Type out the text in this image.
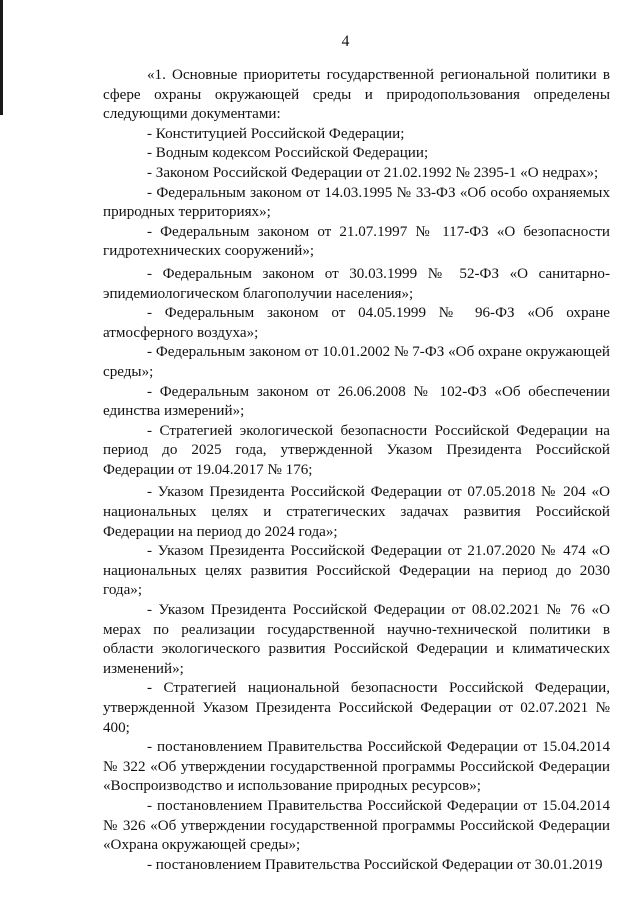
4

«1. Основные приоритеты государственной региональной политики в сфере охраны окружающей среды и природопользования определены следующими документами:

- Конституцией Российской Федерации;

- Водным кодексом Российской Федерации;

- Законом Российской Федерации от 21.02.1992 № 2395-1 «О недрах»;

- Федеральным законом от 14.03.1995 № 33-ФЗ «Об особо охраняемых природных территориях»;

- Федеральным законом от 21.07.1997 № 117-ФЗ «О безопасности гидротехнических сооружений»;

- Федеральным законом от 30.03.1999 № 52-ФЗ «О санитарно-эпидемиологическом благополучии населения»;

- Федеральным законом от 04.05.1999 № 96-ФЗ «Об охране атмосферного воздуха»;

- Федеральным законом от 10.01.2002 № 7-ФЗ «Об охране окружающей среды»;

- Федеральным законом от 26.06.2008 № 102-ФЗ «Об обеспечении единства измерений»;

- Стратегией экологической безопасности Российской Федерации на период до 2025 года, утвержденной Указом Президента Российской Федерации от 19.04.2017 № 176;

- Указом Президента Российской Федерации от 07.05.2018 № 204 «О национальных целях и стратегических задачах развития Российской Федерации на период до 2024 года»;

- Указом Президента Российской Федерации от 21.07.2020 № 474 «О национальных целях развития Российской Федерации на период до 2030 года»;

- Указом Президента Российской Федерации от 08.02.2021 № 76 «О мерах по реализации государственной научно-технической политики в области экологического развития Российской Федерации и климатических изменений»;

- Стратегией национальной безопасности Российской Федерации, утвержденной Указом Президента Российской Федерации от 02.07.2021 № 400;

- постановлением Правительства Российской Федерации от 15.04.2014 № 322 «Об утверждении государственной программы Российской Федерации «Воспроизводство и использование природных ресурсов»;

- постановлением Правительства Российской Федерации от 15.04.2014 № 326 «Об утверждении государственной программы Российской Федерации «Охрана окружающей среды»;

- постановлением Правительства Российской Федерации от 30.01.2019
